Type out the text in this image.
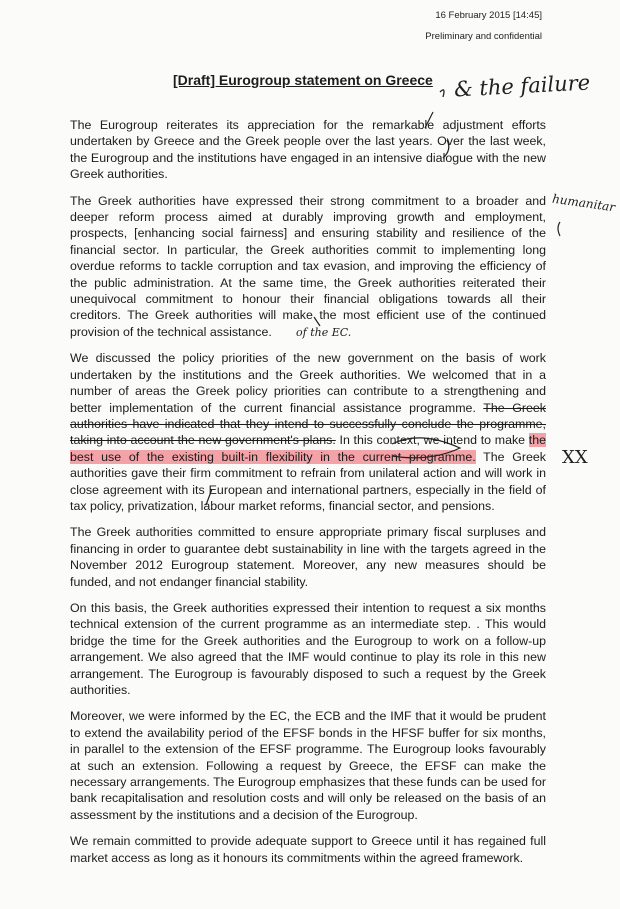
16 February 2015 [14:45]
Preliminary and confidential
[Draft] Eurogroup statement on Greece

The Eurogroup reiterates its appreciation for the remarkable adjustment efforts undertaken by Greece and the Greek people over the last years. Over the last week, the Eurogroup and the institutions have engaged in an intensive dialogue with the new Greek authorities.

The Greek authorities have expressed their strong commitment to a broader and deeper reform process aimed at durably improving growth and employment, prospects, [enhancing social fairness] and ensuring stability and resilience of the financial sector. In particular, the Greek authorities commit to implementing long overdue reforms to tackle corruption and tax evasion, and improving the efficiency of the public administration. At the same time, the Greek authorities reiterated their unequivocal commitment to honour their financial obligations towards all their creditors. The Greek authorities will make the most efficient use of the continued provision of the technical assistance.

We discussed the policy priorities of the new government on the basis of work undertaken by the institutions and the Greek authorities. We welcomed that in a number of areas the Greek policy priorities can contribute to a strengthening and better implementation of the current financial assistance programme. The Greek authorities have indicated that they intend to successfully conclude the programme, taking into account the new government's plans. In this context, we intend to make the best use of the existing built-in flexibility in the current programme. The Greek authorities gave their firm commitment to refrain from unilateral action and will work in close agreement with its European and international partners, especially in the field of tax policy, privatization, labour market reforms, financial sector, and pensions.

The Greek authorities committed to ensure appropriate primary fiscal surpluses and financing in order to guarantee debt sustainability in line with the targets agreed in the November 2012 Eurogroup statement. Moreover, any new measures should be funded, and not endanger financial stability.

On this basis, the Greek authorities expressed their intention to request a six months technical extension of the current programme as an intermediate step. . This would bridge the time for the Greek authorities and the Eurogroup to work on a follow-up arrangement. We also agreed that the IMF would continue to play its role in this new arrangement. The Eurogroup is favourably disposed to such a request by the Greek authorities.

Moreover, we were informed by the EC, the ECB and the IMF that it would be prudent to extend the availability period of the EFSF bonds in the HFSF buffer for six months, in parallel to the extension of the EFSF programme. The Eurogroup looks favourably at such an extension. Following a request by Greece, the EFSF can make the necessary arrangements. The Eurogroup emphasizes that these funds can be used for bank recapitalisation and resolution costs and will only be released on the basis of an assessment by the institutions and a decision of the Eurogroup.

We remain committed to provide adequate support to Greece until it has regained full market access as long as it honours its commitments within the agreed framework.

& the failure
humanitar
XX
of the EC.
